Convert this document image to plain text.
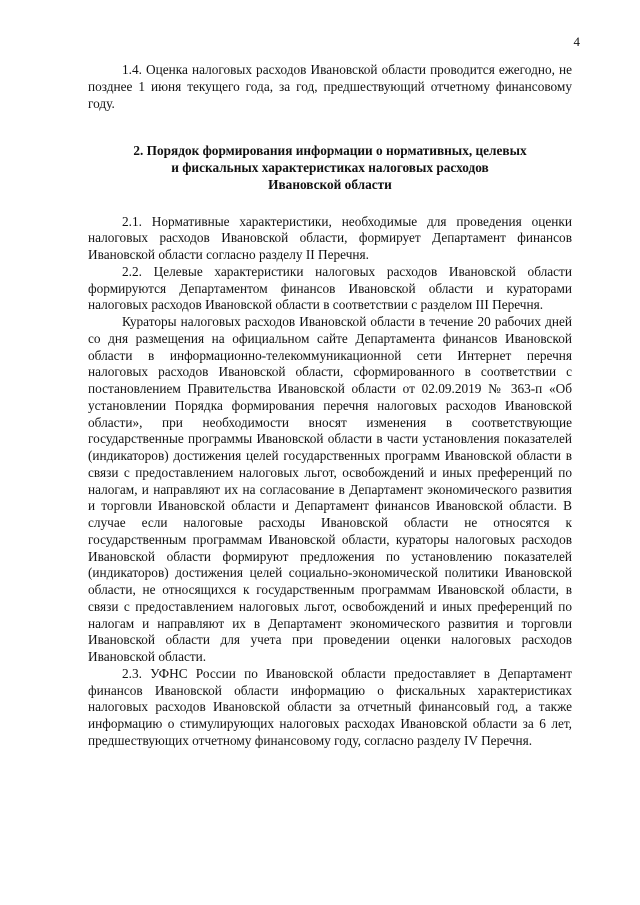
4

1.4. Оценка налоговых расходов Ивановской области проводится ежегодно, не позднее 1 июня текущего года, за год, предшествующий отчетному финансовому году.

2. Порядок формирования информации о нормативных, целевых
и фискальных характеристиках налоговых расходов
Ивановской области

2.1. Нормативные характеристики, необходимые для проведения оценки налоговых расходов Ивановской области, формирует Департамент финансов Ивановской области согласно разделу II Перечня.

2.2. Целевые характеристики налоговых расходов Ивановской области формируются Департаментом финансов Ивановской области и кураторами налоговых расходов Ивановской области в соответствии с разделом III Перечня.

Кураторы налоговых расходов Ивановской области в течение 20 рабочих дней со дня размещения на официальном сайте Департамента финансов Ивановской области в информационно-телекоммуникационной сети Интернет перечня налоговых расходов Ивановской области, сформированного в соответствии с постановлением Правительства Ивановской области от 02.09.2019 № 363-п «Об установлении Порядка формирования перечня налоговых расходов Ивановской области», при необходимости вносят изменения в соответствующие государственные программы Ивановской области в части установления показателей (индикаторов) достижения целей государственных программ Ивановской области в связи с предоставлением налоговых льгот, освобождений и иных преференций по налогам, и направляют их на согласование в Департамент экономического развития и торговли Ивановской области и Департамент финансов Ивановской области. В случае если налоговые расходы Ивановской области не относятся к государственным программам Ивановской области, кураторы налоговых расходов Ивановской области формируют предложения по установлению показателей (индикаторов) достижения целей социально-экономической политики Ивановской области, не относящихся к государственным программам Ивановской области, в связи с предоставлением налоговых льгот, освобождений и иных преференций по налогам и направляют их в Департамент экономического развития и торговли Ивановской области для учета при проведении оценки налоговых расходов Ивановской области.

2.3. УФНС России по Ивановской области предоставляет в Департамент финансов Ивановской области информацию о фискальных характеристиках налоговых расходов Ивановской области за отчетный финансовый год, а также информацию о стимулирующих налоговых расходах Ивановской области за 6 лет, предшествующих отчетному финансовому году, согласно разделу IV Перечня.
